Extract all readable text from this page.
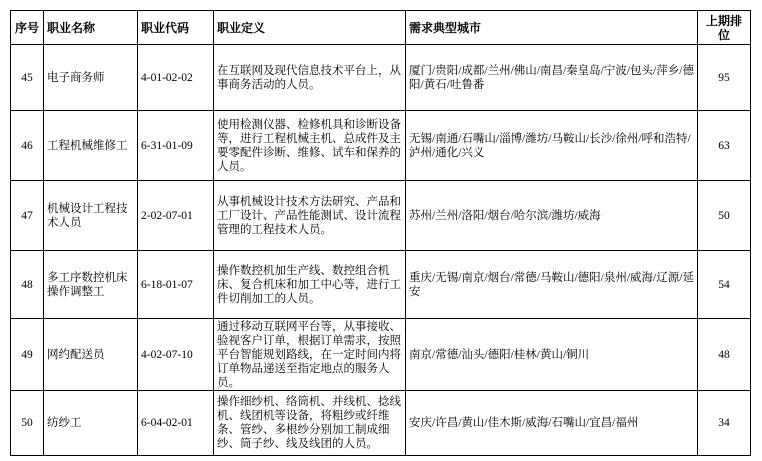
序号	职业名称	职业代码	职业定义	需求典型城市	上期排位
45	电子商务师	4-01-02-02	在互联网及现代信息技术平台上，从事商务活动的人员。	厦门/贵阳/成都/兰州/佛山/南昌/秦皇岛/宁波/包头/萍乡/德阳/黄石/吐鲁番	95
46	工程机械维修工	6-31-01-09	使用检测仪器、检修机具和诊断设备等，进行工程机械主机、总成件及主要零配件诊断、维修、试车和保养的人员。	无锡/南通/石嘴山/淄博/潍坊/马鞍山/长沙/徐州/呼和浩特/泸州/通化/兴义	63
47	机械设计工程技术人员	2-02-07-01	从事机械设计技术方法研究、产品和工厂设计、产品性能测试、设计流程管理的工程技术人员。	苏州/兰州/洛阳/烟台/哈尔滨/潍坊/威海	50
48	多工序数控机床操作调整工	6-18-01-07	操作数控机加生产线、数控组合机床、复合机床和加工中心等，进行工件切削加工的人员。	重庆/无锡/南京/烟台/常德/马鞍山/德阳/泉州/威海/辽源/延安	54
49	网约配送员	4-02-07-10	通过移动互联网平台等，从事接收、验视客户订单，根据订单需求，按照平台智能规划路线，在一定时间内将订单物品递送至指定地点的服务人员。	南京/常德/汕头/德阳/桂林/黄山/铜川	48
50	纺纱工	6-04-02-01	操作细纱机、络筒机、并线机、捻线机、线团机等设备，将粗纱或纤维条、管纱、多根纱分别加工制成细纱、筒子纱、线及线团的人员。	安庆/许昌/黄山/佳木斯/威海/石嘴山/宜昌/福州	34
